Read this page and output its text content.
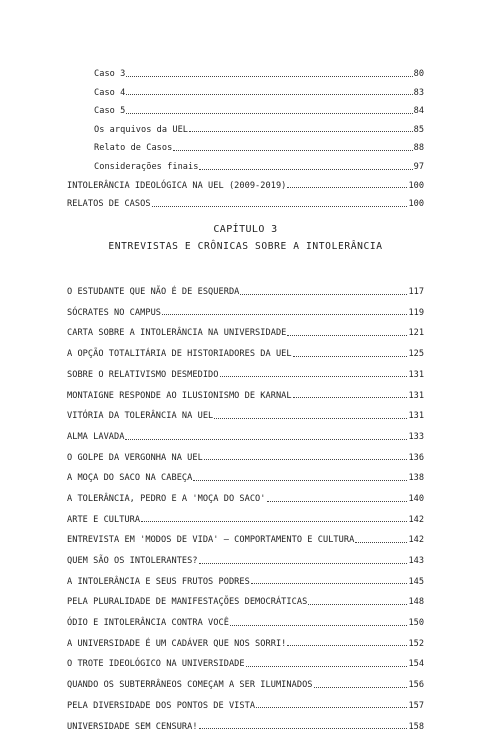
Caso 3	80
Caso 4	83
Caso 5	84
Os arquivos da UEL	85
Relato de Casos	88
Considerações finais	97
INTOLERÂNCIA IDEOLÓGICA NA UEL (2009-2019)	100
RELATOS DE CASOS	100
CAPÍTULO 3
ENTREVISTAS E CRÔNICAS SOBRE A INTOLERÂNCIA
O ESTUDANTE QUE NÃO É DE ESQUERDA	117
SÓCRATES NO CAMPUS	119
CARTA SOBRE A INTOLERÂNCIA NA UNIVERSIDADE	121
A OPÇÃO TOTALITÁRIA DE HISTORIADORES DA UEL	125
SOBRE O RELATIVISMO DESMEDIDO	131
MONTAIGNE RESPONDE AO ILUSIONISMO DE KARNAL	131
VITÓRIA DA TOLERÂNCIA NA UEL	131
ALMA LAVADA	133
O GOLPE DA VERGONHA NA UEL	136
A MOÇA DO SACO NA CABEÇA	138
A TOLERÂNCIA, PEDRO E A 'MOÇA DO SACO'	140
ARTE E CULTURA	142
ENTREVISTA EM 'MODOS DE VIDA' – COMPORTAMENTO E CULTURA	142
QUEM SÃO OS INTOLERANTES?	143
A INTOLERÂNCIA E SEUS FRUTOS PODRES	145
PELA PLURALIDADE DE MANIFESTAÇÕES DEMOCRÁTICAS	148
ÓDIO E INTOLERÂNCIA CONTRA VOCÊ	150
A UNIVERSIDADE É UM CADÁVER QUE NOS SORRI!	152
O TROTE IDEOLÓGICO NA UNIVERSIDADE	154
QUANDO OS SUBTERRÂNEOS COMEÇAM A SER ILUMINADOS	156
PELA DIVERSIDADE DOS PONTOS DE VISTA	157
UNIVERSIDADE SEM CENSURA!	158
